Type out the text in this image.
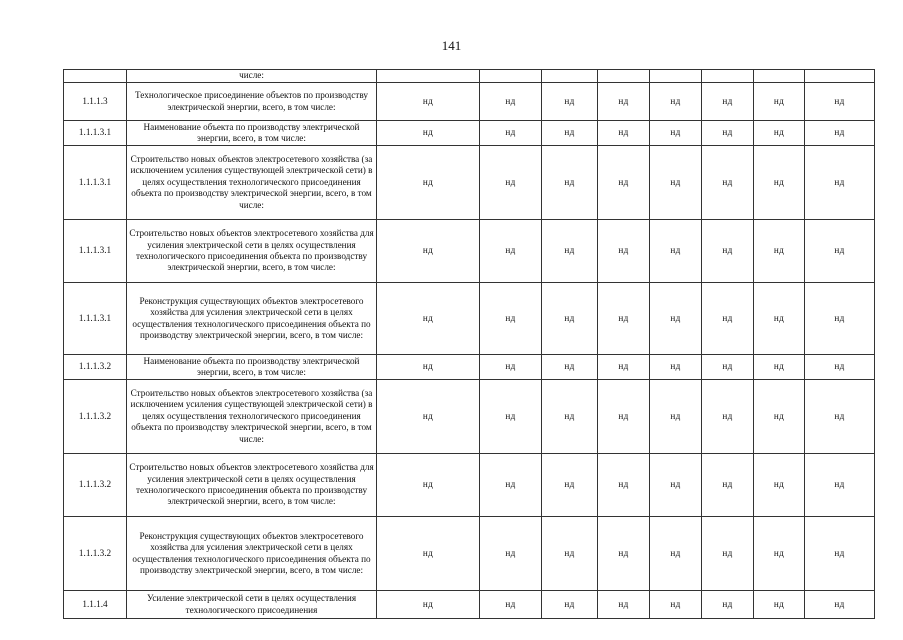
141
	числе:								
1.1.1.3	Технологическое присоединение объектов по производству электрической энергии, всего, в том числе:	нд	нд	нд	нд	нд	нд	нд	нд
1.1.1.3.1	Наименование объекта по производству электрической энергии, всего, в том числе:	нд	нд	нд	нд	нд	нд	нд	нд
1.1.1.3.1	Строительство новых объектов электросетевого хозяйства (за исключением усиления существующей электрической сети) в целях осуществления технологического присоединения объекта по производству электрической энергии, всего, в том числе:	нд	нд	нд	нд	нд	нд	нд	нд
1.1.1.3.1	Строительство новых объектов электросетевого хозяйства для усиления электрической сети в целях осуществления технологического присоединения объекта по производству электрической энергии, всего, в том числе:	нд	нд	нд	нд	нд	нд	нд	нд
1.1.1.3.1	Реконструкция существующих объектов электросетевого хозяйства для усиления электрической сети в целях осуществления технологического присоединения объекта по производству электрической энергии, всего, в том числе:	нд	нд	нд	нд	нд	нд	нд	нд
1.1.1.3.2	Наименование объекта по производству электрической энергии, всего, в том числе:	нд	нд	нд	нд	нд	нд	нд	нд
1.1.1.3.2	Строительство новых объектов электросетевого хозяйства (за исключением усиления существующей электрической сети) в целях осуществления технологического присоединения объекта по производству электрической энергии, всего, в том числе:	нд	нд	нд	нд	нд	нд	нд	нд
1.1.1.3.2	Строительство новых объектов электросетевого хозяйства для усиления электрической сети в целях осуществления технологического присоединения объекта по производству электрической энергии, всего, в том числе:	нд	нд	нд	нд	нд	нд	нд	нд
1.1.1.3.2	Реконструкция существующих объектов электросетевого хозяйства для усиления электрической сети в целях осуществления технологического присоединения объекта по производству электрической энергии, всего, в том числе:	нд	нд	нд	нд	нд	нд	нд	нд
1.1.1.4	Усиление электрической сети в целях осуществления технологического присоединения	нд	нд	нд	нд	нд	нд	нд	нд
